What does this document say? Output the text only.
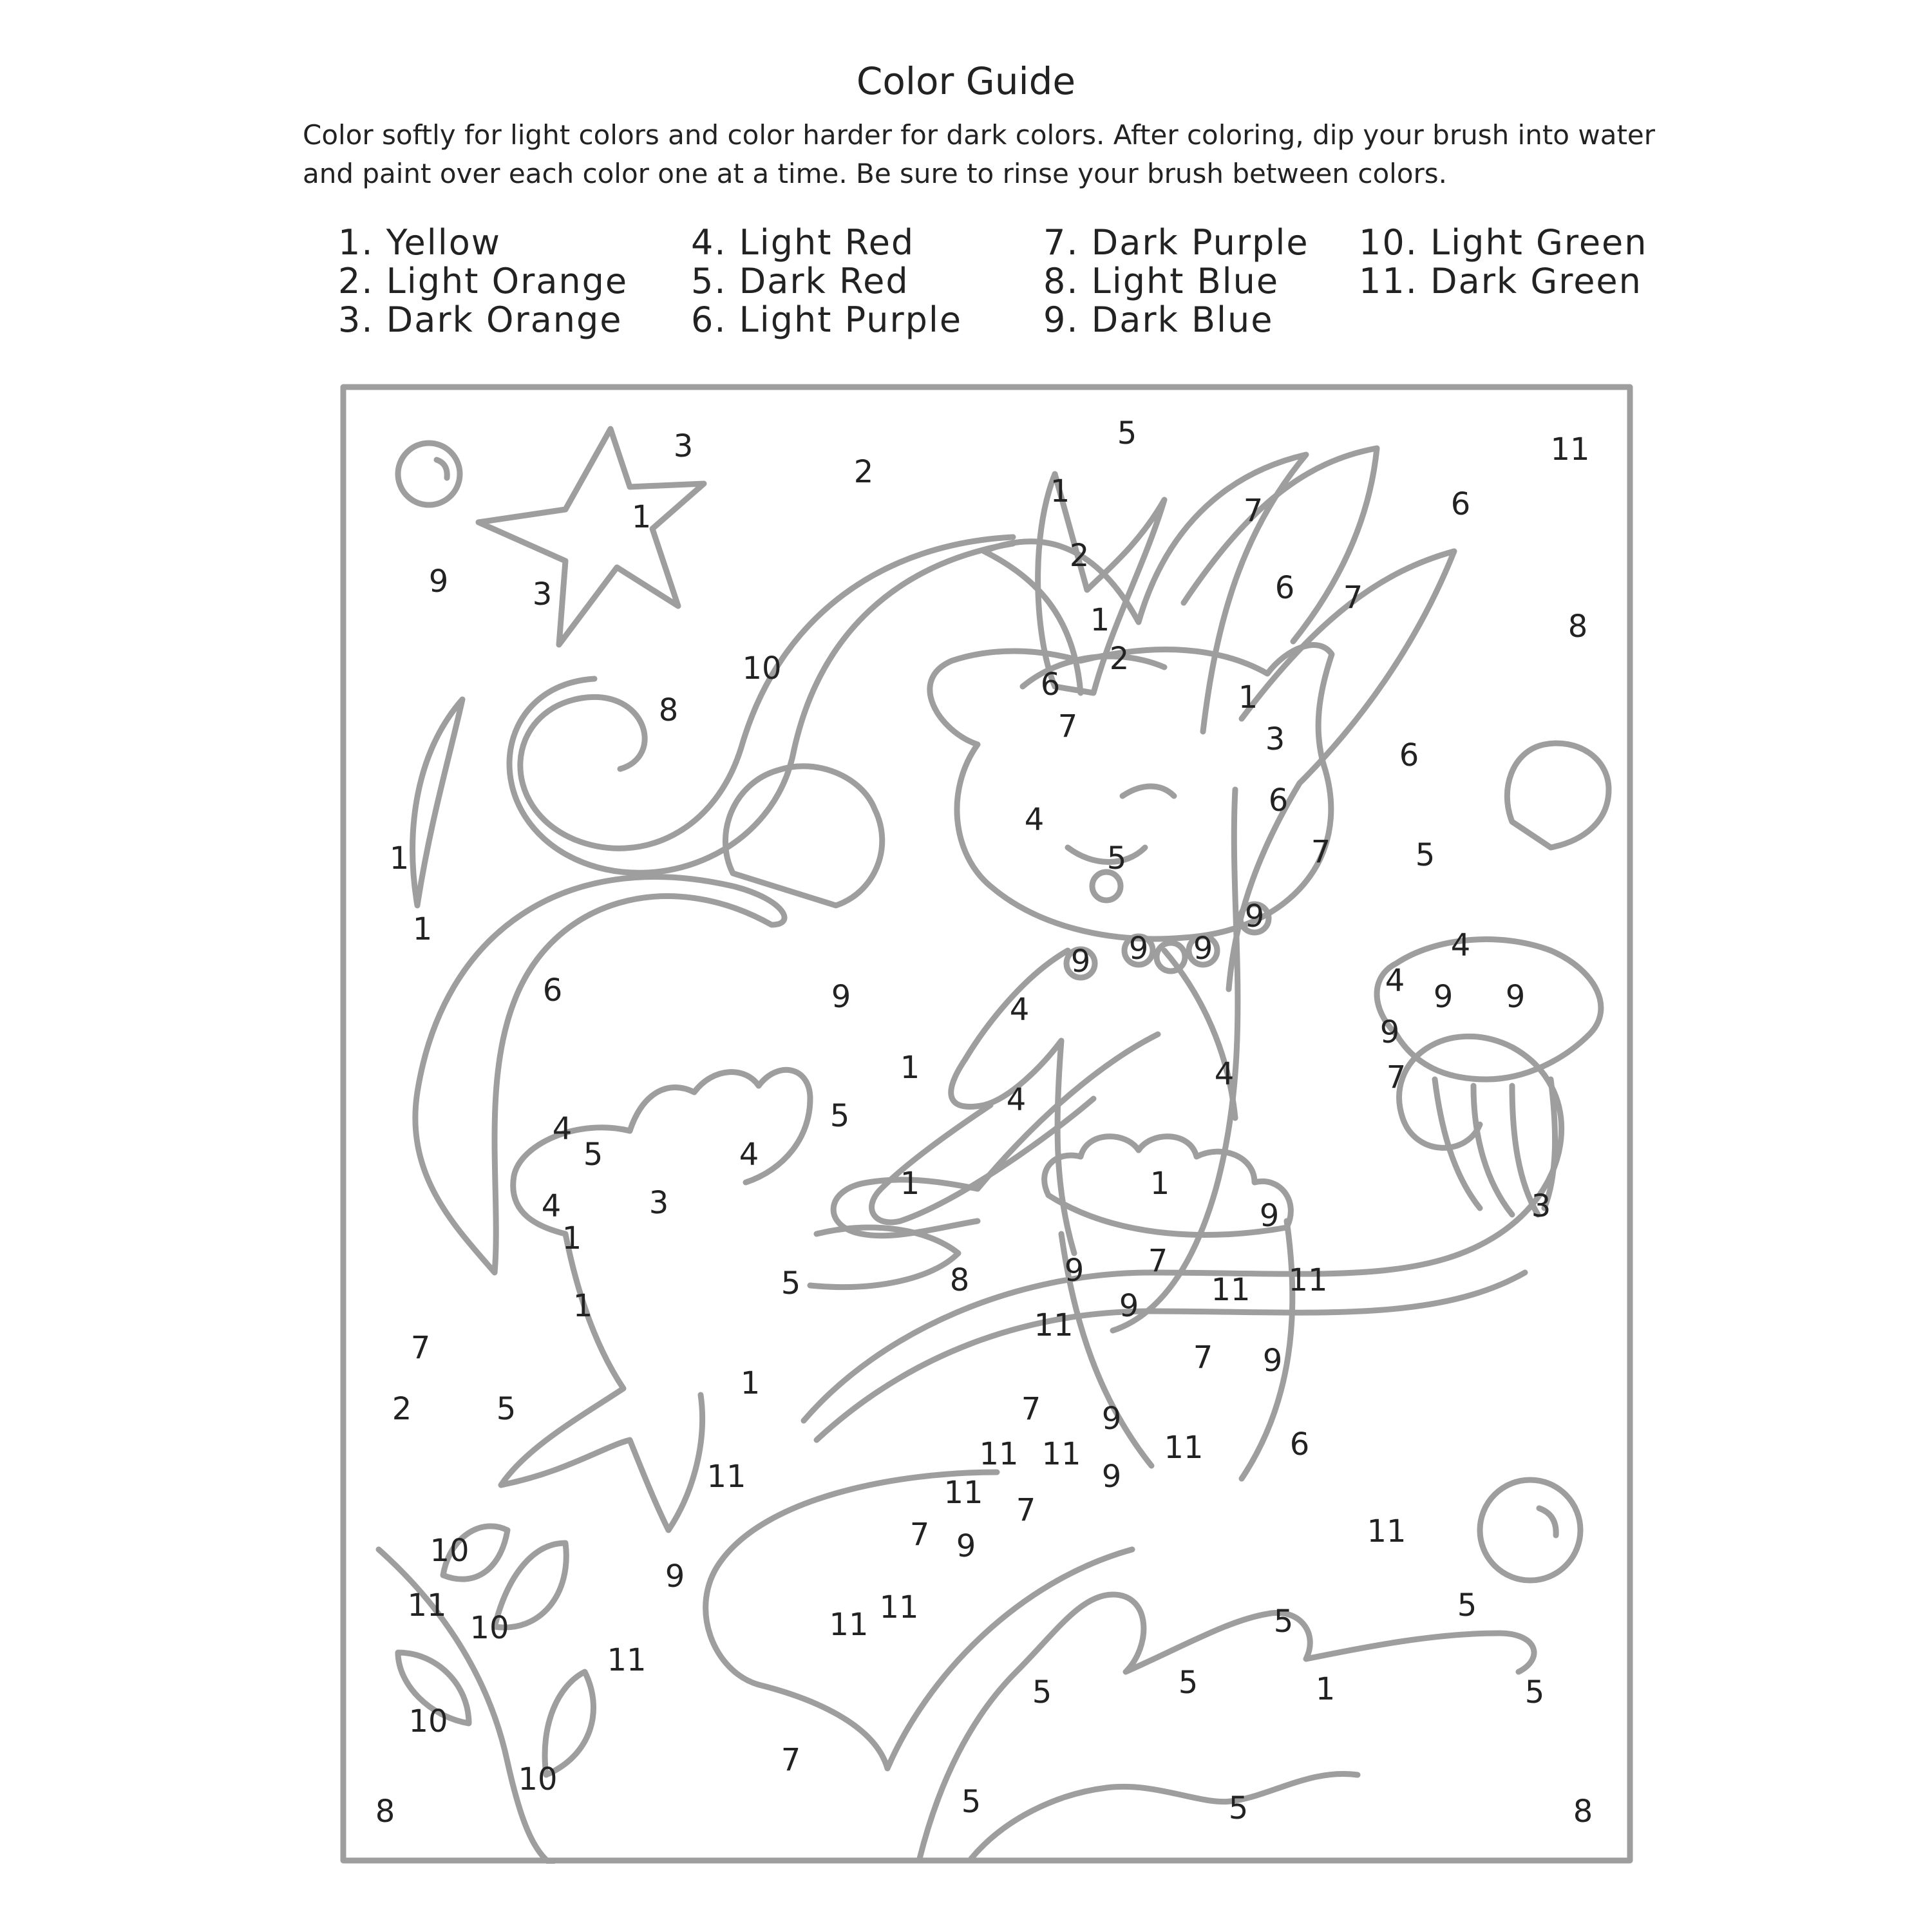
Color Guide
Color softly for light colors and color harder for dark colors. After coloring, dip your brush into water and paint over each color one at a time. Be sure to rinse your brush between colors.
1. Yellow
2. Light Orange
3. Dark Orange
4. Light Red
5. Dark Red
6. Light Purple
7. Dark Purple
8. Light Blue
9. Dark Blue
10. Light Green
11. Dark Green
3
1
3
9
2
5	11
1
2
1
7	6
6 7
8
10
8
6
7
2
1
3	6
6
7
4
5	5
1
1	9
9 9 9
6	9	4
1
4
4
4
4 9 9
9
7
3
4
5	4
5
4	3
1
5
1
1
8
1
9
9 7
11 11
9
11
7 9
7
2	5
1
6
7 9
11
11 11
9
11	11 7
7 9	11
10
9
11
10
11
11
11
5	5
5
5	1	5
10
7
10
8	5	5	8
